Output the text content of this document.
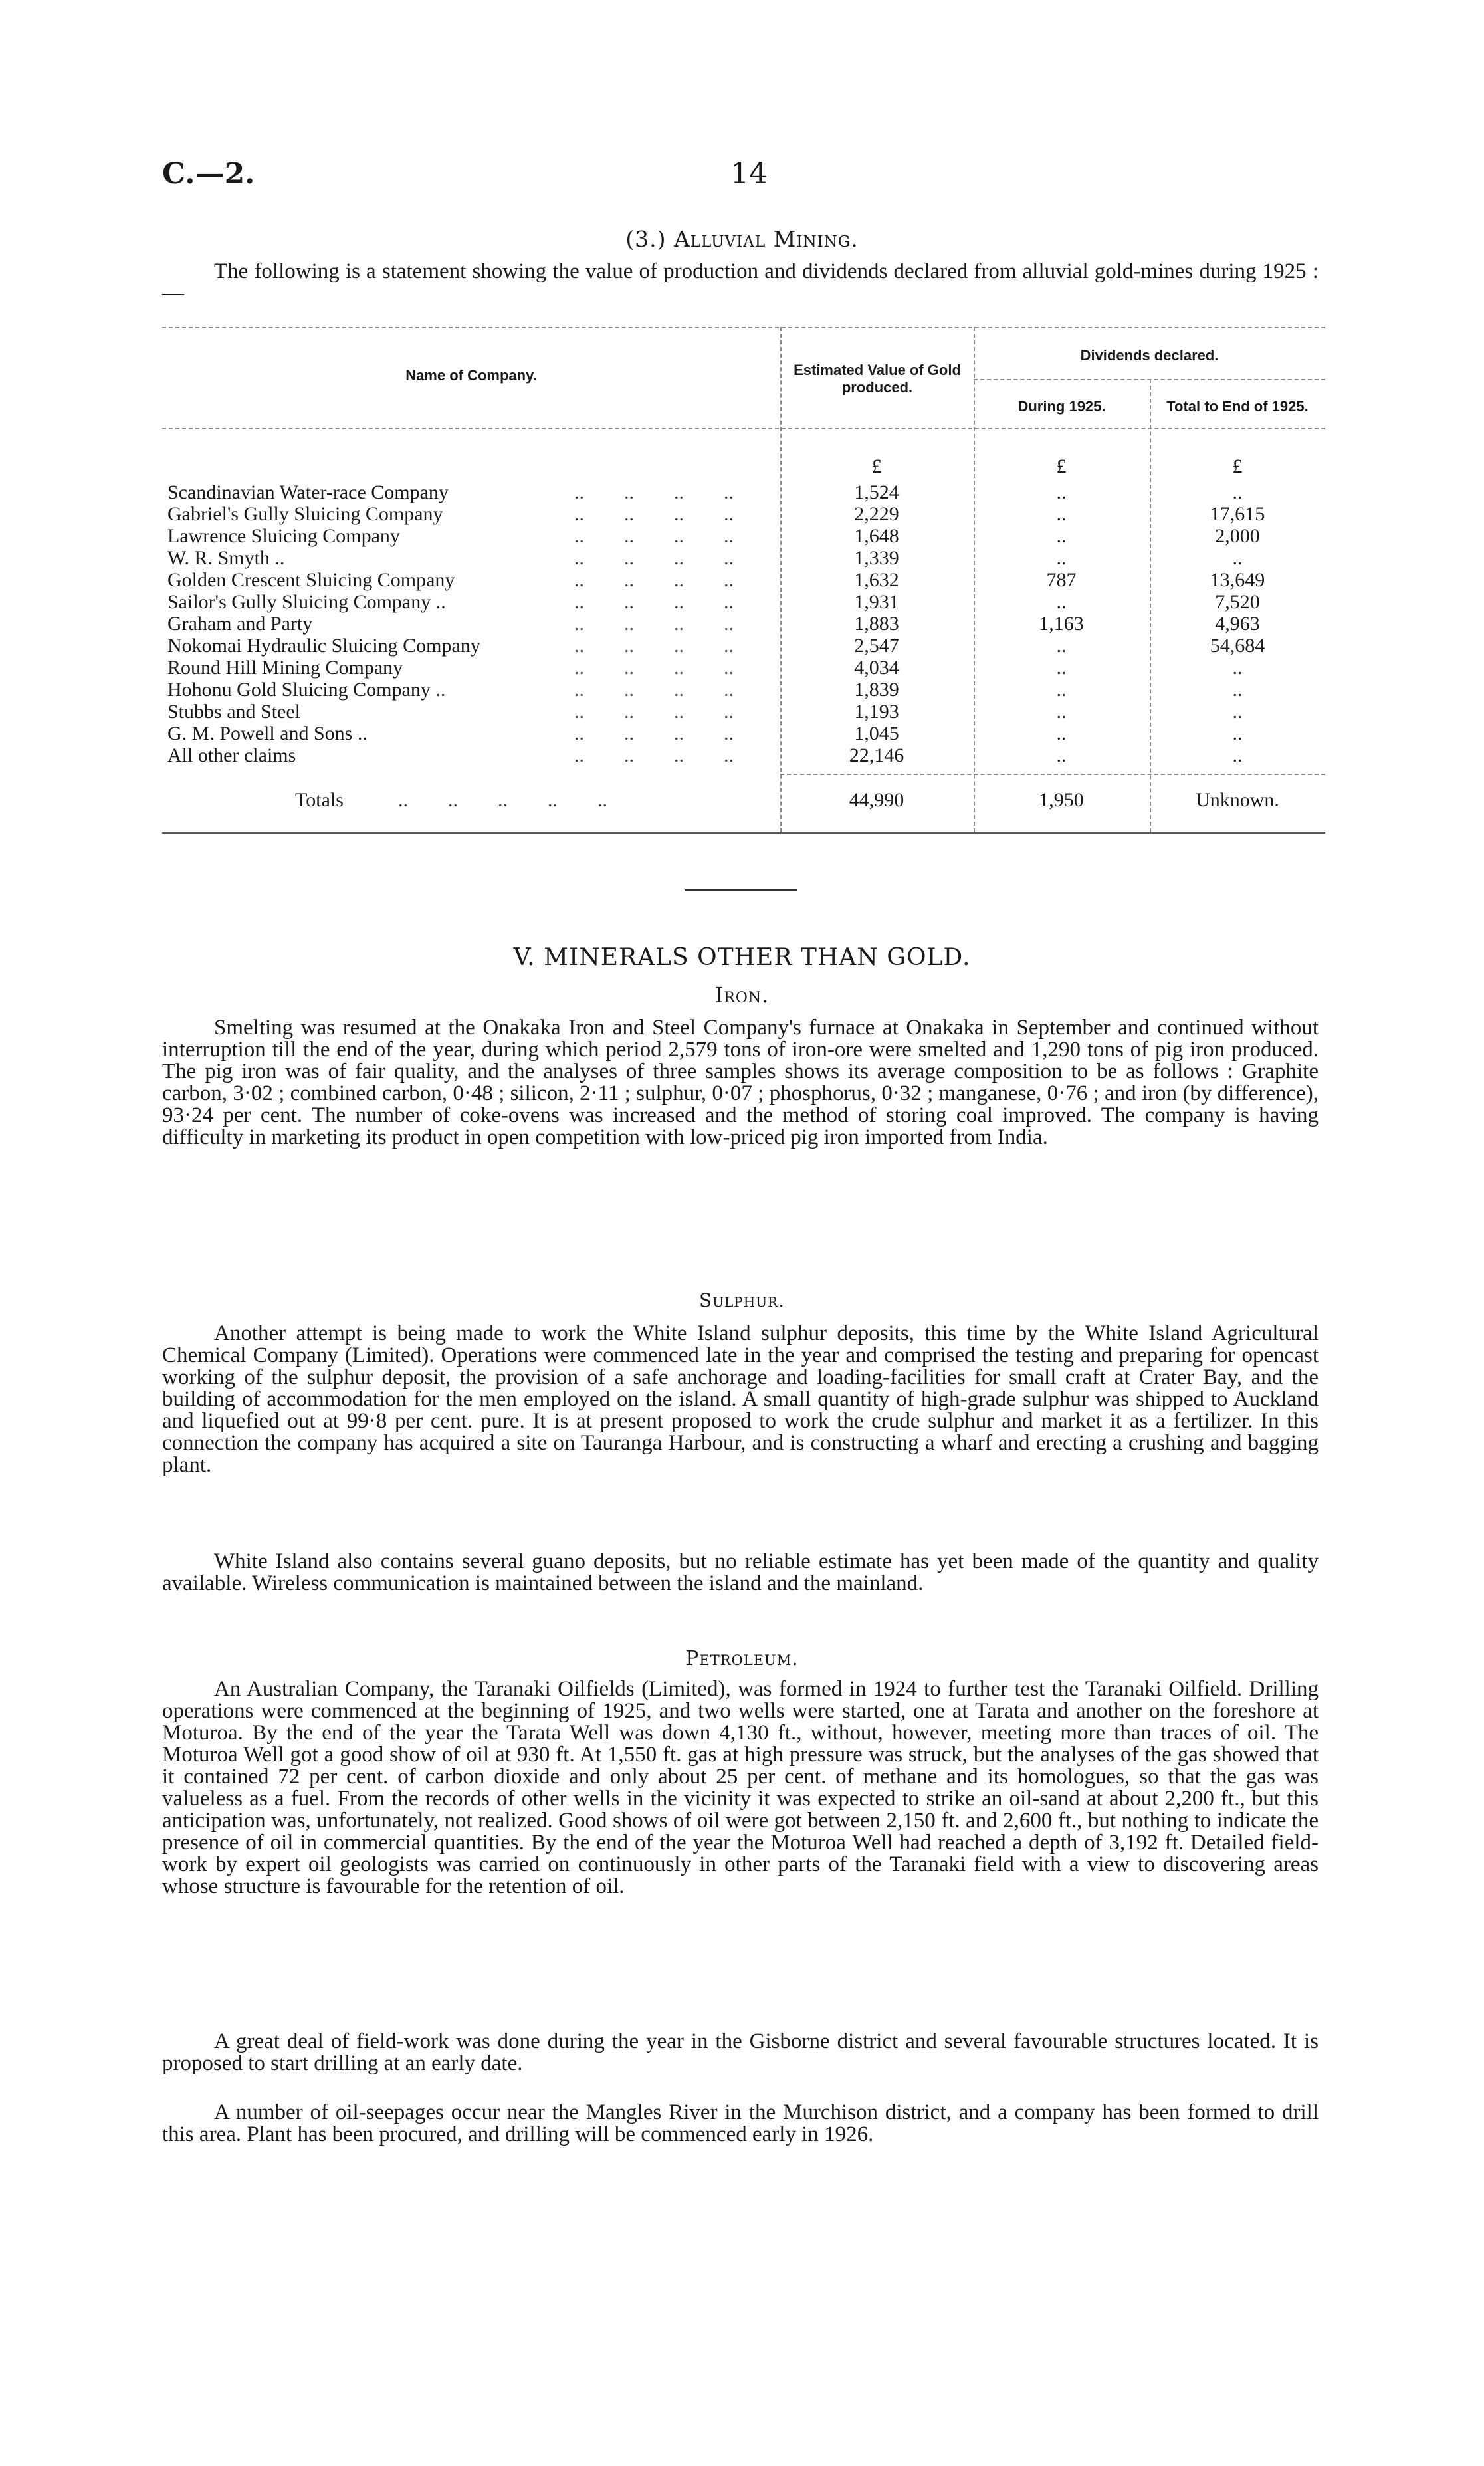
C.—2.	14
(3.) Alluvial Mining.
The following is a statement showing the value of production and dividends declared from alluvial gold-mines during 1925 :—
Name of Company.	Estimated Value of Gold produced.
Dividends declared.
During 1925.	Total to End of 1925.
£	£	£
..        ..        ..        ..
Scandinavian Water-race Company	1,524	..	..
..        ..        ..        ..
Gabriel's Gully Sluicing Company	2,229	..	17,615
..        ..        ..        ..
Lawrence Sluicing Company	1,648	..	2,000
..        ..        ..        ..
W. R. Smyth ..	1,339	..	..
..        ..        ..        ..
Golden Crescent Sluicing Company	1,632	787	13,649
..        ..        ..        ..
Sailor's Gully Sluicing Company ..	1,931	..	7,520
..        ..        ..        ..
Graham and Party	1,883	1,163	4,963
..        ..        ..        ..
Nokomai Hydraulic Sluicing Company	2,547	..	54,684
..        ..        ..        ..
Round Hill Mining Company	4,034	..	..
..        ..        ..        ..
Hohonu Gold Sluicing Company ..	1,839	..	..
..        ..        ..        ..
Stubbs and Steel	1,193	..	..
..        ..        ..        ..
G. M. Powell and Sons ..	1,045	..	..
..        ..        ..        ..
All other claims	22,146	..	..
Totals	..        ..        ..        ..        ..	44,990	1,950	Unknown.
V. MINERALS OTHER THAN GOLD.
Iron.
Smelting was resumed at the Onakaka Iron and Steel Company's furnace at Onakaka in September and continued without interruption till the end of the year, during which period 2,579 tons of iron-ore were smelted and 1,290 tons of pig iron produced. The pig iron was of fair quality, and the analyses of three samples shows its average composition to be as follows : Graphite carbon, 3·02 ; combined carbon, 0·48 ; silicon, 2·11 ; sulphur, 0·07 ; phosphorus, 0·32 ; manganese, 0·76 ; and iron (by difference), 93·24 per cent. The number of coke-ovens was increased and the method of storing coal improved. The company is having difficulty in marketing its product in open competition with low-priced pig iron imported from India.
Sulphur.
Another attempt is being made to work the White Island sulphur deposits, this time by the White Island Agricultural Chemical Company (Limited). Operations were commenced late in the year and comprised the testing and preparing for opencast working of the sulphur deposit, the provision of a safe anchorage and loading-facilities for small craft at Crater Bay, and the building of accommodation for the men employed on the island. A small quantity of high-grade sulphur was shipped to Auckland and liquefied out at 99·8 per cent. pure. It is at present proposed to work the crude sulphur and market it as a fertilizer. In this connection the company has acquired a site on Tauranga Harbour, and is constructing a wharf and erecting a crushing and bagging plant.
White Island also contains several guano deposits, but no reliable estimate has yet been made of the quantity and quality available. Wireless communication is maintained between the island and the mainland.
Petroleum.
An Australian Company, the Taranaki Oilfields (Limited), was formed in 1924 to further test the Taranaki Oilfield. Drilling operations were commenced at the beginning of 1925, and two wells were started, one at Tarata and another on the foreshore at Moturoa. By the end of the year the Tarata Well was down 4,130 ft., without, however, meeting more than traces of oil. The Moturoa Well got a good show of oil at 930 ft. At 1,550 ft. gas at high pressure was struck, but the analyses of the gas showed that it contained 72 per cent. of carbon dioxide and only about 25 per cent. of methane and its homologues, so that the gas was valueless as a fuel. From the records of other wells in the vicinity it was expected to strike an oil-sand at about 2,200 ft., but this anticipation was, unfortunately, not realized. Good shows of oil were got between 2,150 ft. and 2,600 ft., but nothing to indicate the presence of oil in commercial quantities. By the end of the year the Moturoa Well had reached a depth of 3,192 ft. Detailed field-work by expert oil geologists was carried on continuously in other parts of the Taranaki field with a view to discovering areas whose structure is favourable for the retention of oil.
A great deal of field-work was done during the year in the Gisborne district and several favourable structures located. It is proposed to start drilling at an early date.
A number of oil-seepages occur near the Mangles River in the Murchison district, and a company has been formed to drill this area. Plant has been procured, and drilling will be commenced early in 1926.
